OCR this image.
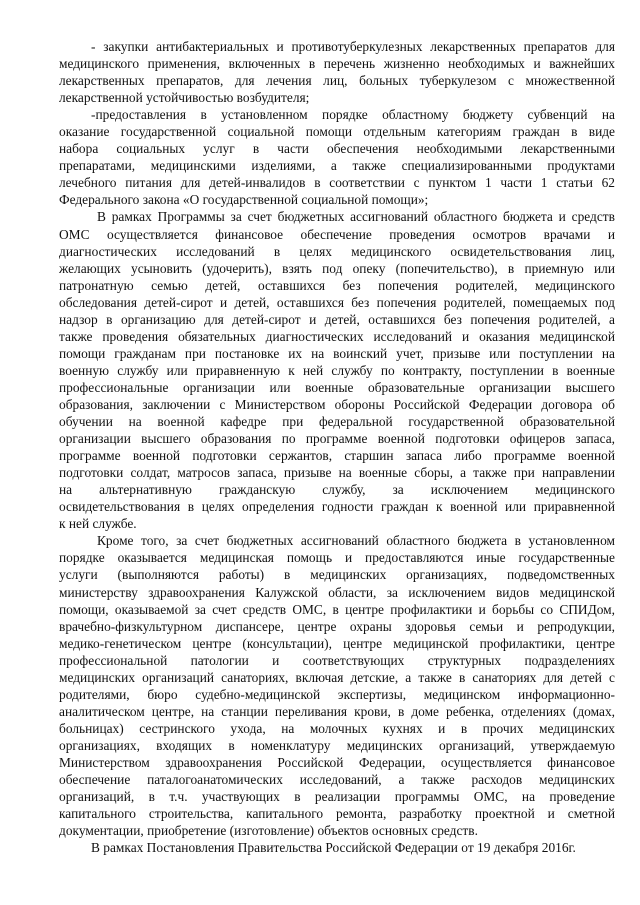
- закупки антибактериальных и противотуберкулезных лекарственных препаратов для
медицинского применения, включенных в перечень жизненно необходимых и важнейших
лекарственных препаратов, для лечения лиц, больных туберкулезом с множественной
лекарственной устойчивостью возбудителя;
-предоставления в установленном порядке областному бюджету субвенций на
оказание государственной социальной помощи отдельным категориям граждан в виде
набора социальных услуг в части обеспечения необходимыми лекарственными
препаратами, медицинскими изделиями, а также специализированными продуктами
лечебного питания для детей-инвалидов в соответствии с пунктом 1 части 1 статьи 62
Федерального закона «О государственной социальной помощи»;
В рамках Программы за счет бюджетных ассигнований областного бюджета и средств
ОМС осуществляется финансовое обеспечение проведения осмотров врачами и
диагностических исследований в целях медицинского освидетельствования лиц,
желающих усыновить (удочерить), взять под опеку (попечительство), в приемную или
патронатную семью детей, оставшихся без попечения родителей, медицинского
обследования детей-сирот и детей, оставшихся без попечения родителей, помещаемых под
надзор в организацию для детей-сирот и детей, оставшихся без попечения родителей, а
также проведения обязательных диагностических исследований и оказания медицинской
помощи гражданам при постановке их на воинский учет, призыве или поступлении на
военную службу или приравненную к ней службу по контракту, поступлении в военные
профессиональные организации или военные образовательные организации высшего
образования, заключении с Министерством обороны Российской Федерации договора об
обучении на военной кафедре при федеральной государственной образовательной
организации высшего образования по программе военной подготовки офицеров запаса,
программе военной подготовки сержантов, старшин запаса либо программе военной
подготовки солдат, матросов запаса, призыве на военные сборы, а также при направлении
на альтернативную гражданскую службу, за исключением медицинского
освидетельствования в целях определения годности граждан к военной или приравненной
к ней службе.
Кроме того, за счет бюджетных ассигнований областного бюджета в установленном
порядке оказывается медицинская помощь и предоставляются иные государственные
услуги (выполняются работы) в медицинских организациях, подведомственных
министерству здравоохранения Калужской области, за исключением видов медицинской
помощи, оказываемой за счет средств ОМС, в центре профилактики и борьбы со СПИДом,
врачебно-физкультурном диспансере, центре охраны здоровья семьи и репродукции,
медико-генетическом центре (консультации), центре медицинской профилактики, центре
профессиональной патологии и соответствующих структурных подразделениях
медицинских организаций санаториях, включая детские, а также в санаториях для детей с
родителями, бюро судебно-медицинской экспертизы, медицинском информационно-
аналитическом центре, на станции переливания крови, в доме ребенка, отделениях (домах,
больницах) сестринского ухода, на молочных кухнях и в прочих медицинских
организациях, входящих в номенклатуру медицинских организаций, утверждаемую
Министерством здравоохранения Российской Федерации, осуществляется финансовое
обеспечение паталогоанатомических исследований, а также расходов медицинских
организаций, в т.ч. участвующих в реализации программы ОМС, на проведение
капитального строительства, капитального ремонта, разработку проектной и сметной
документации, приобретение (изготовление) объектов основных средств.
В рамках Постановления Правительства Российской Федерации от 19 декабря 2016г.
